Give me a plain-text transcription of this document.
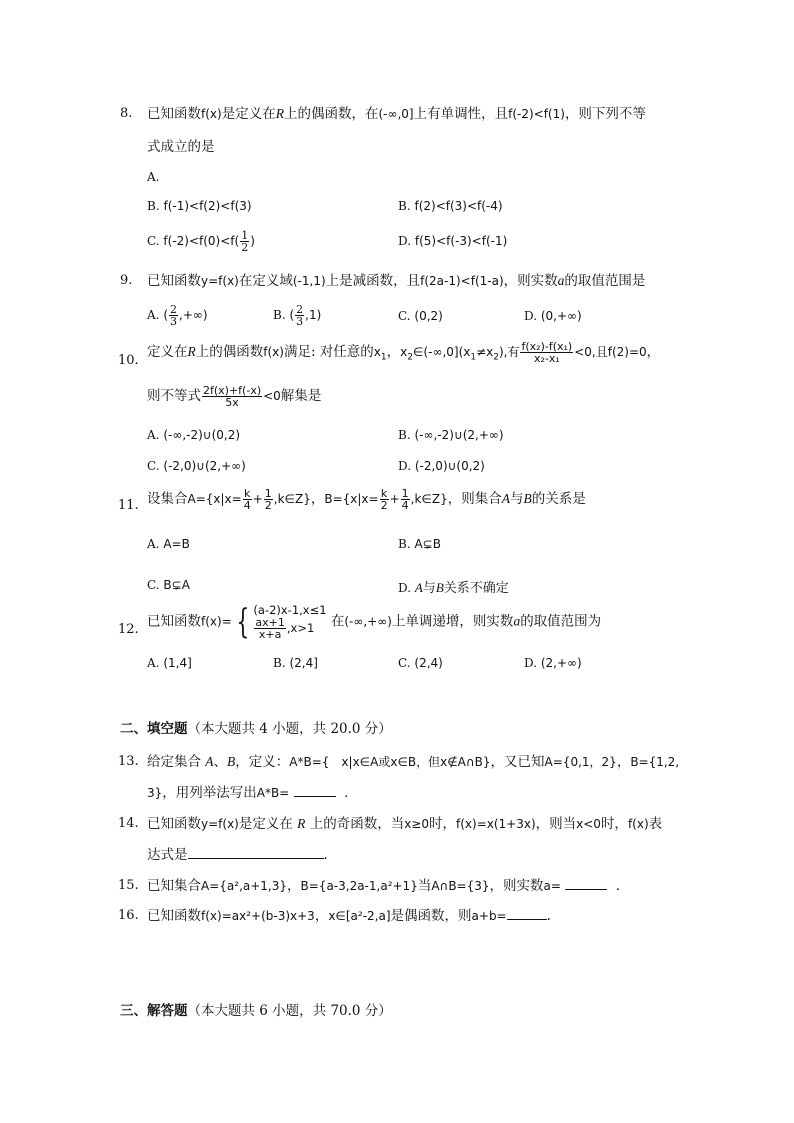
8. 已知函数f(x)是定义在R上的偶函数，在(-∞,0]上有单调性，且f(-2)<f(1)，则下列不等
式成立的是
A.
B. f(-1)<f(2)<f(3)	B. f(2)<f(3)<f(-4)
C. $f(-2)<f(0)<f( \frac{1}{2}$ )	D. f(5)<f(-3)<f(-1)
9. 已知函数y=f(x)在定义域(-1,1)上是减函数，且f(2a-1)<f(1-a)，则实数a的取值范围是
A. ( $\frac{2}{3}$ ,+∞)	B. ( $\frac{2}{3} ,1$)	C. (0,2)	D. (0,+∞)
10.
定义在R上的偶函数f(x)满足: 对任意的$x_1$，$x_2\in(-\infty,0](x_1\ne x_2)$,有 $\frac{\text{f(x₂)-f(x₁)}}{\text{x₂-x₁}} <0$,且f(2)=0，
则不等式 $\frac{2f(x)+f(-x)}{5x} <0$解集是
A. (-∞,-2)∪(0,2)	B. (-∞,-2)∪(2,+∞)
C. (-2,0)∪(2,+∞)	D. (-2,0)∪(0,2)
11. 设集合$A=\{x|x= \frac{k}{4} + \frac{1}{2}$ ,k∈Z}，$B=\{x|x= \frac{k}{2} + \frac{1}{4}$ ,k∈Z}，则集合A与B的关系是
A. A=B	B. A⊊B
C. B⊊A	D. A与B关系不确定
12. 已知函数f(x)= { (a-2)x-1,x≤1
$\frac{ax+1}{x+a} ,x>1$	在(-∞,+∞)上单调递增，则实数a的取值范围为
A. (1,4]	B. (2,4]	C. (2,4)	D. (2,+∞)
二、填空题（本大题共 4 小题，共 20.0 分）
13. 给定集合 A、B，定义：A*B={　x|x∈A或x∈B，但x∉A∩B}，又已知A={0,1，2}，B={1,2,
3}，用列举法写出A*B=	．
14. 已知函数y=f(x)是定义在 R 上的奇函数，当x≥0时，f(x)=x(1+3x)，则当x<0时，f(x)表
达式是	．
15. 已知集合A={a²,a+1,3}，B={a-3,2a-1,a²+1}当A∩B={3}，则实数a=	．
16. 已知函数f(x)=ax²+(b-3)x+3，x∈[a²-2,a]是偶函数，则a+b=	.
三、解答题（本大题共 6 小题，共 70.0 分）
